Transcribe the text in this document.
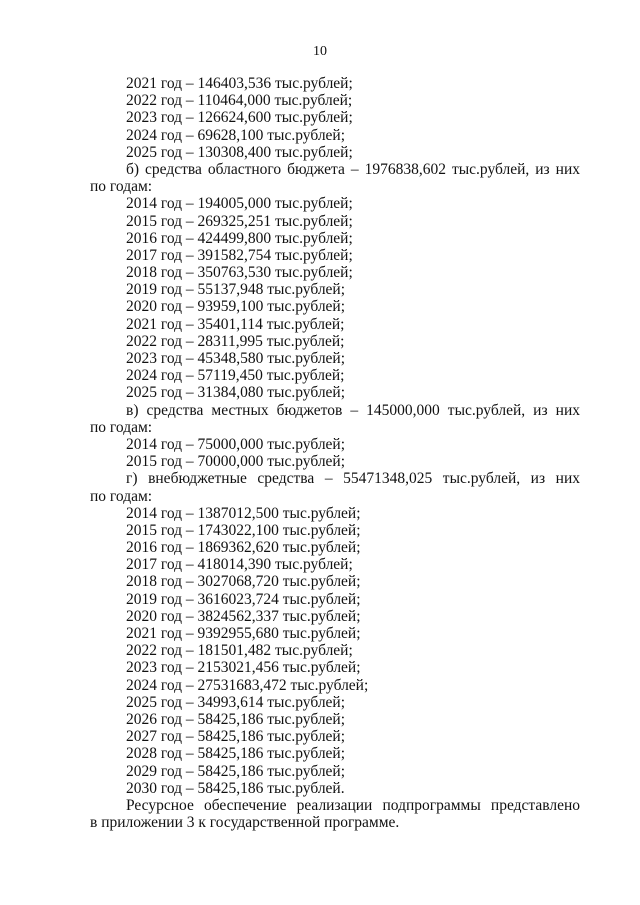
10
2021 год – 146403,536 тыс.рублей;
2022 год – 110464,000 тыс.рублей;
2023 год – 126624,600 тыс.рублей;
2024 год – 69628,100 тыс.рублей;
2025 год – 130308,400 тыс.рублей;
б) средства областного бюджета – 1976838,602 тыс.рублей, из них
по годам:
2014 год – 194005,000 тыс.рублей;
2015 год – 269325,251 тыс.рублей;
2016 год – 424499,800 тыс.рублей;
2017 год – 391582,754 тыс.рублей;
2018 год – 350763,530 тыс.рублей;
2019 год – 55137,948 тыс.рублей;
2020 год – 93959,100 тыс.рублей;
2021 год – 35401,114 тыс.рублей;
2022 год – 28311,995 тыс.рублей;
2023 год – 45348,580 тыс.рублей;
2024 год – 57119,450 тыс.рублей;
2025 год – 31384,080 тыс.рублей;
в) средства местных бюджетов – 145000,000 тыс.рублей, из них
по годам:
2014 год – 75000,000 тыс.рублей;
2015 год – 70000,000 тыс.рублей;
г) внебюджетные средства – 55471348,025 тыс.рублей, из них
по годам:
2014 год – 1387012,500 тыс.рублей;
2015 год – 1743022,100 тыс.рублей;
2016 год – 1869362,620 тыс.рублей;
2017 год – 418014,390 тыс.рублей;
2018 год – 3027068,720 тыс.рублей;
2019 год – 3616023,724 тыс.рублей;
2020 год – 3824562,337 тыс.рублей;
2021 год – 9392955,680 тыс.рублей;
2022 год – 181501,482 тыс.рублей;
2023 год – 2153021,456 тыс.рублей;
2024 год – 27531683,472 тыс.рублей;
2025 год – 34993,614 тыс.рублей;
2026 год – 58425,186 тыс.рублей;
2027 год – 58425,186 тыс.рублей;
2028 год – 58425,186 тыс.рублей;
2029 год – 58425,186 тыс.рублей;
2030 год – 58425,186 тыс.рублей.
Ресурсное обеспечение реализации подпрограммы представлено
в приложении 3 к государственной программе.
